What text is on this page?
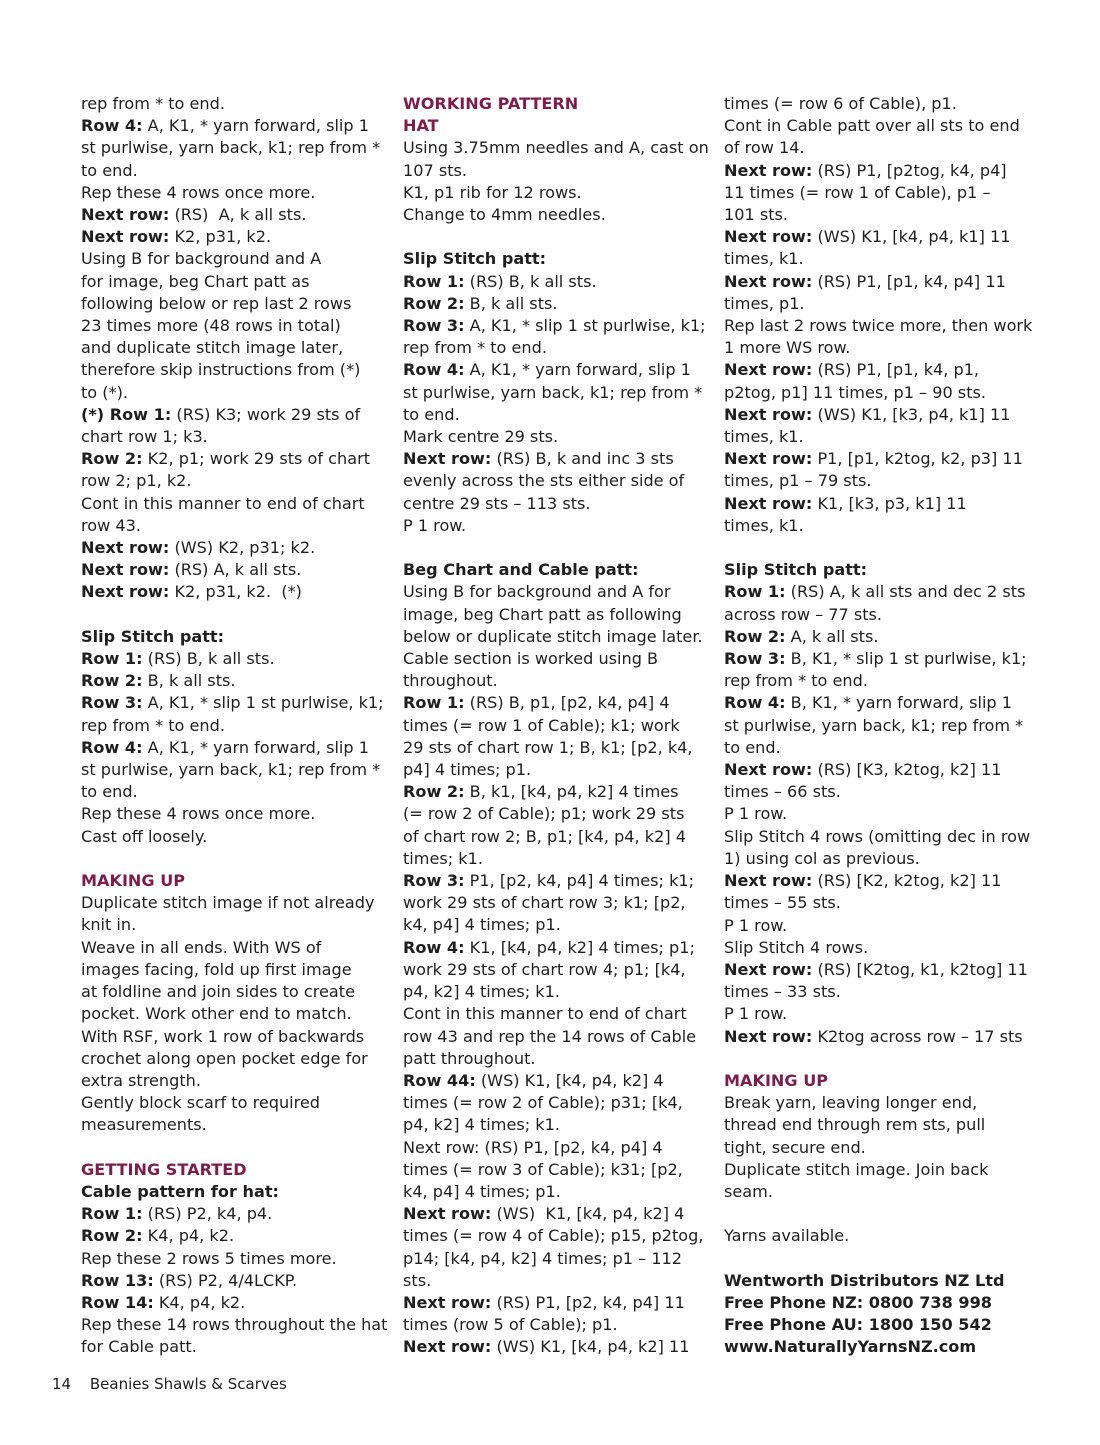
rep from * to end.
Row 4: A, K1, * yarn forward, slip 1
st purlwise, yarn back, k1; rep from *
to end.
Rep these 4 rows once more.
Next row: (RS)  A, k all sts.
Next row: K2, p31, k2.
Using B for background and A
for image, beg Chart patt as
following below or rep last 2 rows
23 times more (48 rows in total)
and duplicate stitch image later,
therefore skip instructions from (*)
to (*).
(*) Row 1: (RS) K3; work 29 sts of
chart row 1; k3.
Row 2: K2, p1; work 29 sts of chart
row 2; p1, k2.
Cont in this manner to end of chart
row 43.
Next row: (WS) K2, p31; k2.
Next row: (RS) A, k all sts.
Next row: K2, p31, k2.  (*)
Slip Stitch patt:
Row 1: (RS) B, k all sts.
Row 2: B, k all sts.
Row 3: A, K1, * slip 1 st purlwise, k1;
rep from * to end.
Row 4: A, K1, * yarn forward, slip 1
st purlwise, yarn back, k1; rep from *
to end.
Rep these 4 rows once more.
Cast off loosely.
MAKING UP
Duplicate stitch image if not already
knit in.
Weave in all ends. With WS of
images facing, fold up first image
at foldline and join sides to create
pocket. Work other end to match.
With RSF, work 1 row of backwards
crochet along open pocket edge for
extra strength.
Gently block scarf to required
measurements.
GETTING STARTED
Cable pattern for hat:
Row 1: (RS) P2, k4, p4.
Row 2: K4, p4, k2.
Rep these 2 rows 5 times more.
Row 13: (RS) P2, 4/4LCKP.
Row 14: K4, p4, k2.
Rep these 14 rows throughout the hat
for Cable patt.
WORKING PATTERN
HAT
Using 3.75mm needles and A, cast on
107 sts.
K1, p1 rib for 12 rows.
Change to 4mm needles.
Slip Stitch patt:
Row 1: (RS) B, k all sts.
Row 2: B, k all sts.
Row 3: A, K1, * slip 1 st purlwise, k1;
rep from * to end.
Row 4: A, K1, * yarn forward, slip 1
st purlwise, yarn back, k1; rep from *
to end.
Mark centre 29 sts.
Next row: (RS) B, k and inc 3 sts
evenly across the sts either side of
centre 29 sts – 113 sts.
P 1 row.
Beg Chart and Cable patt:
Using B for background and A for
image, beg Chart patt as following
below or duplicate stitch image later.
Cable section is worked using B
throughout.
Row 1: (RS) B, p1, [p2, k4, p4] 4
times (= row 1 of Cable); k1; work
29 sts of chart row 1; B, k1; [p2, k4,
p4] 4 times; p1.
Row 2: B, k1, [k4, p4, k2] 4 times
(= row 2 of Cable); p1; work 29 sts
of chart row 2; B, p1; [k4, p4, k2] 4
times; k1.
Row 3: P1, [p2, k4, p4] 4 times; k1;
work 29 sts of chart row 3; k1; [p2,
k4, p4] 4 times; p1.
Row 4: K1, [k4, p4, k2] 4 times; p1;
work 29 sts of chart row 4; p1; [k4,
p4, k2] 4 times; k1.
Cont in this manner to end of chart
row 43 and rep the 14 rows of Cable
patt throughout.
Row 44: (WS) K1, [k4, p4, k2] 4
times (= row 2 of Cable); p31; [k4,
p4, k2] 4 times; k1.
Next row: (RS) P1, [p2, k4, p4] 4
times (= row 3 of Cable); k31; [p2,
k4, p4] 4 times; p1.
Next row: (WS)  K1, [k4, p4, k2] 4
times (= row 4 of Cable); p15, p2tog,
p14; [k4, p4, k2] 4 times; p1 – 112
sts.
Next row: (RS) P1, [p2, k4, p4] 11
times (row 5 of Cable); p1.
Next row: (WS) K1, [k4, p4, k2] 11
times (= row 6 of Cable), p1.
Cont in Cable patt over all sts to end
of row 14.
Next row: (RS) P1, [p2tog, k4, p4]
11 times (= row 1 of Cable), p1 –
101 sts.
Next row: (WS) K1, [k4, p4, k1] 11
times, k1.
Next row: (RS) P1, [p1, k4, p4] 11
times, p1.
Rep last 2 rows twice more, then work
1 more WS row.
Next row: (RS) P1, [p1, k4, p1,
p2tog, p1] 11 times, p1 – 90 sts.
Next row: (WS) K1, [k3, p4, k1] 11
times, k1.
Next row: P1, [p1, k2tog, k2, p3] 11
times, p1 – 79 sts.
Next row: K1, [k3, p3, k1] 11
times, k1.
Slip Stitch patt:
Row 1: (RS) A, k all sts and dec 2 sts
across row – 77 sts.
Row 2: A, k all sts.
Row 3: B, K1, * slip 1 st purlwise, k1;
rep from * to end.
Row 4: B, K1, * yarn forward, slip 1
st purlwise, yarn back, k1; rep from *
to end.
Next row: (RS) [K3, k2tog, k2] 11
times – 66 sts.
P 1 row.
Slip Stitch 4 rows (omitting dec in row
1) using col as previous.
Next row: (RS) [K2, k2tog, k2] 11
times – 55 sts.
P 1 row.
Slip Stitch 4 rows.
Next row: (RS) [K2tog, k1, k2tog] 11
times – 33 sts.
P 1 row.
Next row: K2tog across row – 17 sts
MAKING UP
Break yarn, leaving longer end,
thread end through rem sts, pull
tight, secure end.
Duplicate stitch image. Join back
seam.
Yarns available.
Wentworth Distributors NZ Ltd
Free Phone NZ: 0800 738 998
Free Phone AU: 1800 150 542
www.NaturallyYarnsNZ.com
14 Beanies Shawls & Scarves
